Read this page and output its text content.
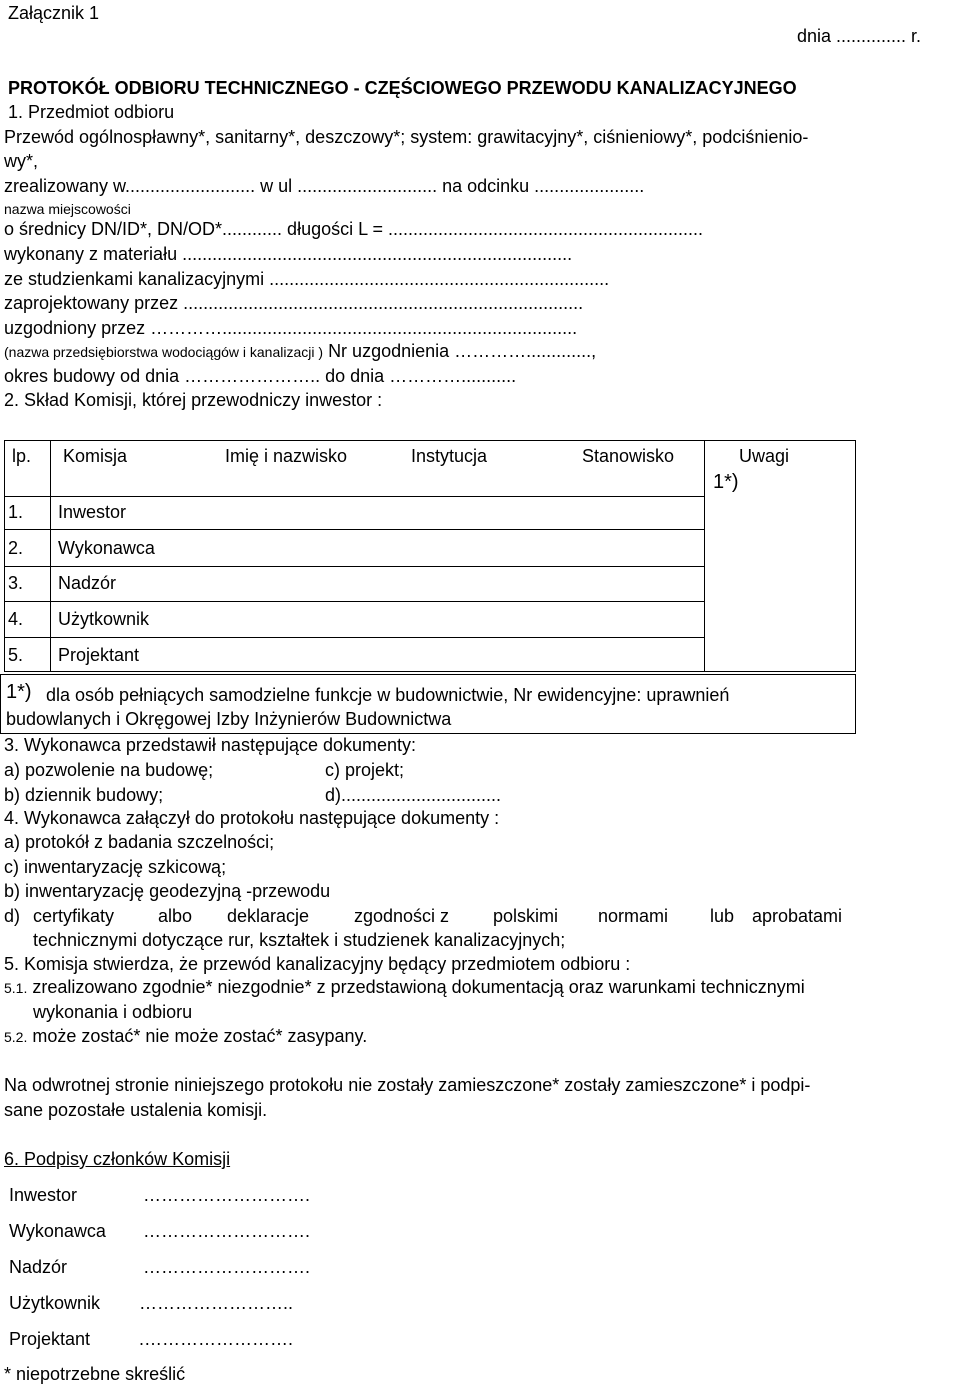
Załącznik 1
dnia .............. r.
PROTOKÓŁ ODBIORU TECHNICZNEGO - CZĘŚCIOWEGO PRZEWODU KANALIZACYJNEGO
1. Przedmiot odbioru
Przewód ogólnospławny*, sanitarny*, deszczowy*; system: grawitacyjny*, ciśnieniowy*, podciśnienio-
wy*,
zrealizowany w.......................... w ul ............................ na odcinku ......................
nazwa miejscowości
o średnicy DN/ID*, DN/OD*............ długości L = ...............................................................
wykonany z materiału ..............................................................................
ze studzienkami kanalizacyjnymi ....................................................................
zaprojektowany przez ................................................................................
uzgodniony przez ………….......................................................................
(nazwa przedsiębiorstwa wodociągów i kanalizacji ) Nr uzgodnienia ………….............,
okres budowy od dnia ………………….. do dnia …………...........
2. Skład Komisji, której przewodniczy inwestor :
lp. Komisja	Imię i nazwisko	Instytucja	Stanowisko	Uwagi
1*)
1. Inwestor
2. Wykonawca
3. Nadzór
4. Użytkownik
5. Projektant
1*) dla osób pełniących samodzielne funkcje w budownictwie, Nr ewidencyjne: uprawnień
budowlanych i Okręgowej Izby Inżynierów Budownictwa
3. Wykonawca przedstawił następujące dokumenty:
a) pozwolenie na budowę;	c) projekt;
b) dziennik budowy;	d)................................
4. Wykonawca załączył do protokołu następujące dokumenty :
a) protokół z badania szczelności;
c) inwentaryzację szkicową;
b) inwentaryzację geodezyjną -przewodu
d) certyfikaty albo deklaracje zgodności z polskimi normami lub aprobatami
technicznymi dotyczące rur, kształtek i studzienek kanalizacyjnych;
5. Komisja stwierdza, że przewód kanalizacyjny będący przedmiotem odbioru :
5.1. zrealizowano zgodnie* niezgodnie* z przedstawioną dokumentacją oraz warunkami technicznymi
wykonania i odbioru
5.2. może zostać* nie może zostać* zasypany.
Na odwrotnej stronie niniejszego protokołu nie zostały zamieszczone* zostały zamieszczone* i podpi-
sane pozostałe ustalenia komisji.
6. Podpisy członków Komisji
Inwestor	……………………….
Wykonawca ……………………….
Nadzór	……………………….
Użytkownik ……………………..
Projektant	.…………………….
* niepotrzebne skreślić
